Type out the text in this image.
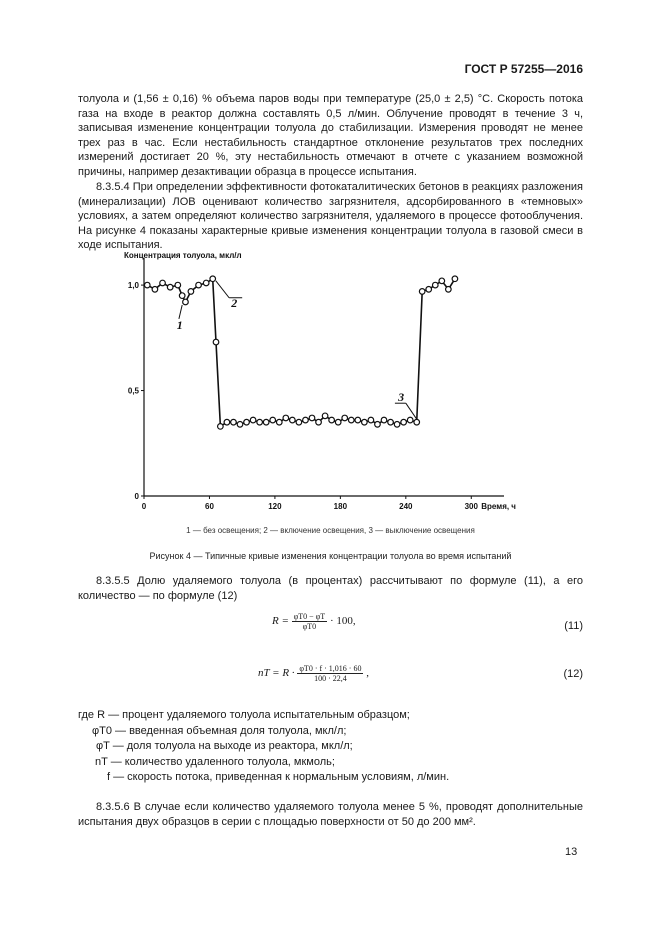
ГОСТ Р 57255—2016

толуола и (1,56 ± 0,16) % объема паров воды при температуре (25,0 ± 2,5) °С. Скорость потока газа на входе в реактор должна составлять 0,5 л/мин. Облучение проводят в течение 3 ч, записывая изменение концентрации толуола до стабилизации. Измерения проводят не менее трех раз в час. Если нестабильность стандартное отклонение результатов трех последних измерений достигает 20 %, эту нестабильность отмечают в отчете с указанием возможной причины, например дезактивации образца в процессе испытания.

8.3.5.4 При определении эффективности фотокаталитических бетонов в реакциях разложения (минерализации) ЛОВ оценивают количество загрязнителя, адсорбированного в «темновых» условиях, а затем определяют количество загрязнителя, удаляемого в процессе фотооблучения. На рисунке 4 показаны характерные кривые изменения концентрации толуола в газовой смеси в ходе испытания.

Концентрация толуола, мкл/л
0	60	120	180	240	300 Время, ч
0
0,5
1,0
1
2
3
1 — без освещения; 2 — включение освещения, 3 — выключение освещения
Рисунок 4 — Типичные кривые изменения концентрации толуола во время испытаний

8.3.5.5 Долю удаляемого толуола (в процентах) рассчитывают по формуле (11), а его количество — по формуле (12)

$R = \frac{\varphi T0 - \varphi T}{\varphi T0} \cdot 100$,	(11)
nT = $R \cdot \frac{\varphi T0 \cdot f \cdot 1,016 \cdot 60}{100 \cdot 22,4}$ ,	(12)
где R — процент удаляемого толуола испытательным образцом;
φT0 — введенная объемная доля толуола, мкл/л;
φT — доля толуола на выходе из реактора, мкл/л;
nT — количество удаленного толуола, мкмоль;
f — скорость потока, приведенная к нормальным условиям, л/мин.

8.3.5.6 В случае если количество удаляемого толуола менее 5 %, проводят дополнительные испытания двух образцов в серии с площадью поверхности от 50 до 200 мм².

13
